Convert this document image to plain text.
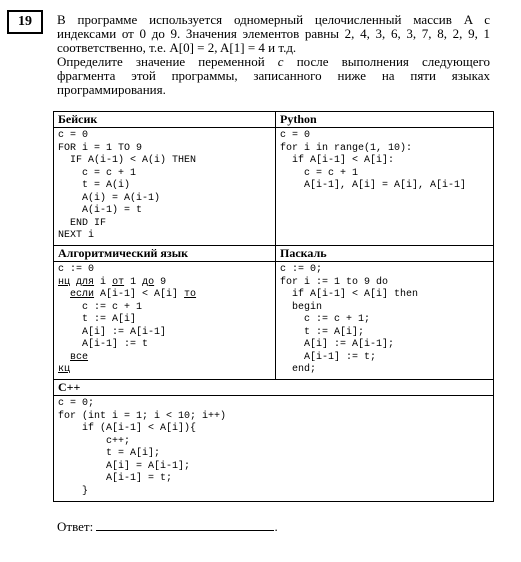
19	В программе используется одномерный целочисленный массив A с индексами от 0 до 9. Значения элементов равны 2, 4, 3, 6, 3, 7, 8, 2, 9, 1 соответственно, т.е. A[0] = 2, A[1] = 4 и т.д.

Определите значение переменной c после выполнения следующего фрагмента этой программы, записанного ниже на пяти языках программирования.

Бейсик
c = 0
FOR i = 1 TO 9
IF A(i-1) < A(i) THEN
c = c + 1
t = A(i)
A(i) = A(i-1)
A(i-1) = t
END IF
NEXT i
Python
c = 0
for i in range(1, 10):
if A[i-1] < A[i]:
c = c + 1
A[i-1], A[i] = A[i], A[i-1]
Алгоритмический язык
c := 0
нц для i от 1 до 9
если A[i-1] < A[i] то
c := c + 1
t := A[i]
A[i] := A[i-1]
A[i-1] := t
все
кц
Паскаль
c := 0;
for i := 1 to 9 do
if A[i-1] < A[i] then
begin
c := c + 1;
t := A[i];
A[i] := A[i-1];
A[i-1] := t;
end;
C++
c = 0;
for (int i = 1; i < 10; i++)
if (A[i-1] < A[i]){
c++;
t = A[i];
A[i] = A[i-1];
A[i-1] = t;
}
Ответ:	.
